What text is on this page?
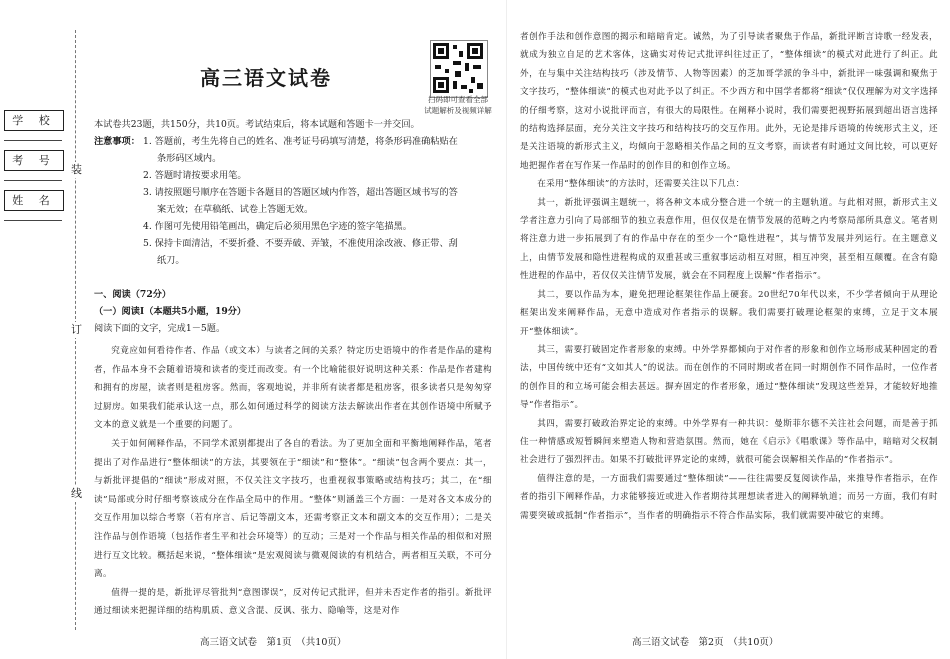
装
订
线
学 校
考 号
姓 名
高三语文试卷
扫码即可查看全部
试题解析及视频详解
本试卷共23题，共150分，共10页。考试结束后，将本试题和答题卡一并交回。
注意事项： 1. 答题前，考生先将自己的姓名、准考证号码填写清楚，将条形码准确粘贴在
条形码区域内。
2. 答题时请按要求用笔。
3. 请按照题号顺序在答题卡各题目的答题区域内作答，超出答题区域书写的答
案无效；在草稿纸、试卷上答题无效。
4. 作图可先使用铅笔画出，确定后必须用黑色字迹的签字笔描黑。
5. 保持卡面清洁，不要折叠、不要弄破、弄皱，不准使用涂改液、修正带、刮
纸刀。
一、阅读（72分）
（一）阅读Ⅰ（本题共5小题，19分）
阅读下面的文字，完成1－5题。

究竟应如何看待作者、作品（或文本）与读者之间的关系？特定历史语境中的作者是作品的建构者，作品本身不会随着语境和读者的变迁而改变。有一个比喻能很好说明这种关系：作品是作者建构和拥有的房屋，读者则是租房客。然而，客观地说，并非所有读者都是租房客，很多读者只是匆匆穿过厨房。如果我们能承认这一点，那么如何通过科学的阅读方法去解读出作者在其创作语境中所赋予文本的意义就是一个重要的问题了。

关于如何阐释作品，不同学术派别都提出了各自的看法。为了更加全面和平衡地阐释作品，笔者提出了对作品进行“整体细读”的方法，其要领在于“细读”和“整体”。“细读”包含两个要点：其一，与新批评提倡的“细读”形成对照，不仅关注文字技巧，也重视叙事策略或结构技巧；其二，在“细读”局部或分时仔细考察该成分在作品全局中的作用。“整体”则涵盖三个方面：一是对各文本成分的交互作用加以综合考察（若有序言、后记等副文本，还需考察正文本和副文本的交互作用）；二是关注作品与创作语境（包括作者生平和社会环境等）的互动；三是对一个作品与相关作品的相似和对照进行互文比较。概括起来说，“整体细读”是宏观阅读与微观阅读的有机结合，两者相互关联，不可分离。

值得一提的是，新批评尽管批判“意图谬误”，反对传记式批评，但并未否定作者的指引。新批评通过细读来把握详细的结构肌质、意义含混、反讽、张力、隐喻等，这是对作

高三语文试卷　第1页　（共10页）

者创作手法和创作意图的揭示和暗暗肯定。诚然，为了引导读者聚焦于作品，新批评断言诗歌一经发表，就成为独立自足的艺术客体，这确实对传记式批评纠往过正了，“整体细读”的模式对此进行了纠正。此外，在与集中关注结构技巧（涉及情节、人物等因素）的芝加哥学派的争斗中，新批评一味强调和聚焦于文字技巧，“整体细读”的模式也对此予以了纠正。不少西方和中国学者都将“细读”仅仅理解为对文字选择的仔细考察，这对小说批评而言，有很大的局限性。在阐释小说时，我们需要把视野拓展到超出语言选择的结构选择层面，充分关注文字技巧和结构技巧的交互作用。此外，无论是排斥语境的传统形式主义，还是关注语境的新形式主义，均倾向于忽略相关作品之间的互文考察，而读者有时通过文间比较，可以更好地把握作者在写作某一作品时的创作目的和创作立场。

在采用“整体细读”的方法时，还需要关注以下几点：

其一，新批评强调主题统一，将各种文本成分整合进一个统一的主题轨道。与此相对照，新形式主义学者注意力引向了局部细节的独立表意作用，但仅仅是在情节发展的范畴之内考察局部所具意义。笔者则将注意力进一步拓展到了有的作品中存在的至少一个“隐性进程”，其与情节发展并列运行。在主题意义上，由情节发展和隐性进程构成的双重甚或三重叙事运动相互对照，相互冲突，甚至相互颠覆。在含有隐性进程的作品中，若仅仅关注情节发展，就会在不同程度上误解“作者指示”。

其二，要以作品为本，避免把理论框架往作品上硬套。20世纪70年代以来，不少学者倾向于从理论框架出发来阐释作品，无意中造成对作者指示的误解。我们需要打破理论框架的束缚，立足于文本展开“整体细读”。

其三，需要打破固定作者形象的束缚。中外学界都倾向于对作者的形象和创作立场形成某种固定的看法，中国传统中还有“文如其人”的说法。而在创作的不同时期或者在同一时期创作不同作品时，一位作者的创作目的和立场可能会相去甚远。摒弃固定的作者形象，通过“整体细读”发现这些差异，才能较好地推导“作者指示”。

其四，需要打破政治界定论的束缚。中外学界有一种共识：曼斯菲尔德不关注社会问题，而是善于抓住一种情感或短暂瞬间来塑造人物和营造氛围。然而，她在《启示》《唱歌课》等作品中，暗暗对父权制社会进行了强烈抨击。如果不打破批评界定论的束缚，就很可能会误解相关作品的“作者指示”。

值得注意的是，一方面我们需要通过“整体细读”——往往需要反复阅读作品，来推导作者指示，在作者的指引下阐释作品，力求能够接近或进入作者期待其理想读者进入的阐释轨道；而另一方面，我们有时需要突破或抵制“作者指示”，当作者的明确指示不符合作品实际，我们就需要冲破它的束缚。

高三语文试卷　第2页　（共10页）
